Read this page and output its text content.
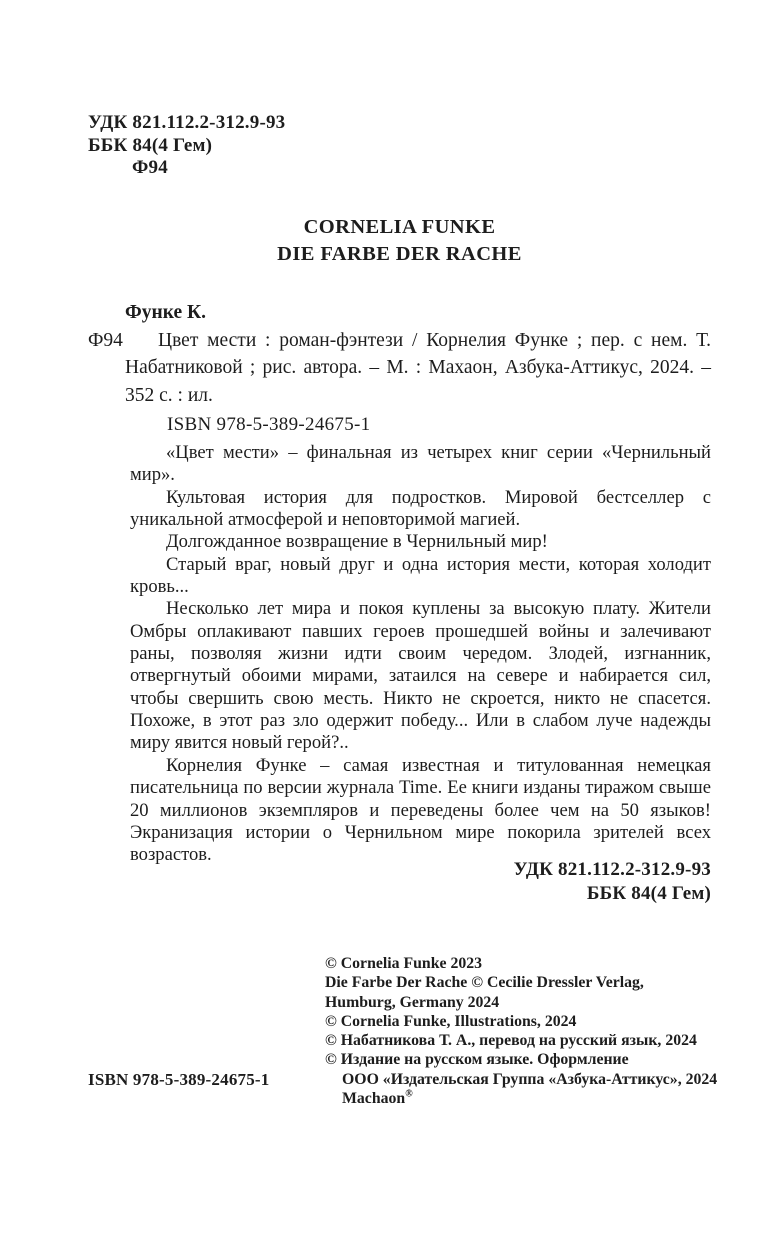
УДК 821.112.2-312.9-93
ББК 84(4 Гем)
Ф94
CORNELIA FUNKE
DIE FARBE DER RACHE
Функе К.
Ф94	Цвет мести : роман-фэнтези / Корнелия Функе ; пер. с нем. Т. Набатниковой ; рис. автора. – М. : Махаон, Азбука-Аттикус, 2024. – 352 с. : ил.
ISBN 978-5-389-24675-1

«Цвет мести» – финальная из четырех книг серии «Чернильный мир».

Культовая история для подростков. Мировой бестселлер с уникальной атмосферой и неповторимой магией.

Долгожданное возвращение в Чернильный мир!

Старый враг, новый друг и одна история мести, которая холодит кровь...

Несколько лет мира и покоя куплены за высокую плату. Жители Омбры оплакивают павших героев прошедшей войны и залечивают раны, позволяя жизни идти своим чередом. Злодей, изгнанник, отвергнутый обоими мирами, затаился на севере и набирается сил, чтобы свершить свою месть. Никто не скроется, никто не спасется. Похоже, в этот раз зло одержит победу... Или в слабом луче надежды миру явится новый герой?..

Корнелия Функе – самая известная и титулованная немецкая писательница по версии журнала Time. Ее книги изданы тиражом свыше 20 миллионов экземпляров и переведены более чем на 50 языков! Экранизация истории о Чернильном мире покорила зрителей всех возрастов.

УДК 821.112.2-312.9-93
ББК 84(4 Гем)
© Cornelia Funke 2023
Die Farbe Der Rache © Cecilie Dressler Verlag,
Humburg, Germany 2024
© Cornelia Funke, Illustrations, 2024
© Набатникова Т. А., перевод на русский язык, 2024
© Издание на русском языке. Оформление
ООО «Издательская Группа «Азбука-Аттикус», 2024
Machaon®
ISBN 978-5-389-24675-1
